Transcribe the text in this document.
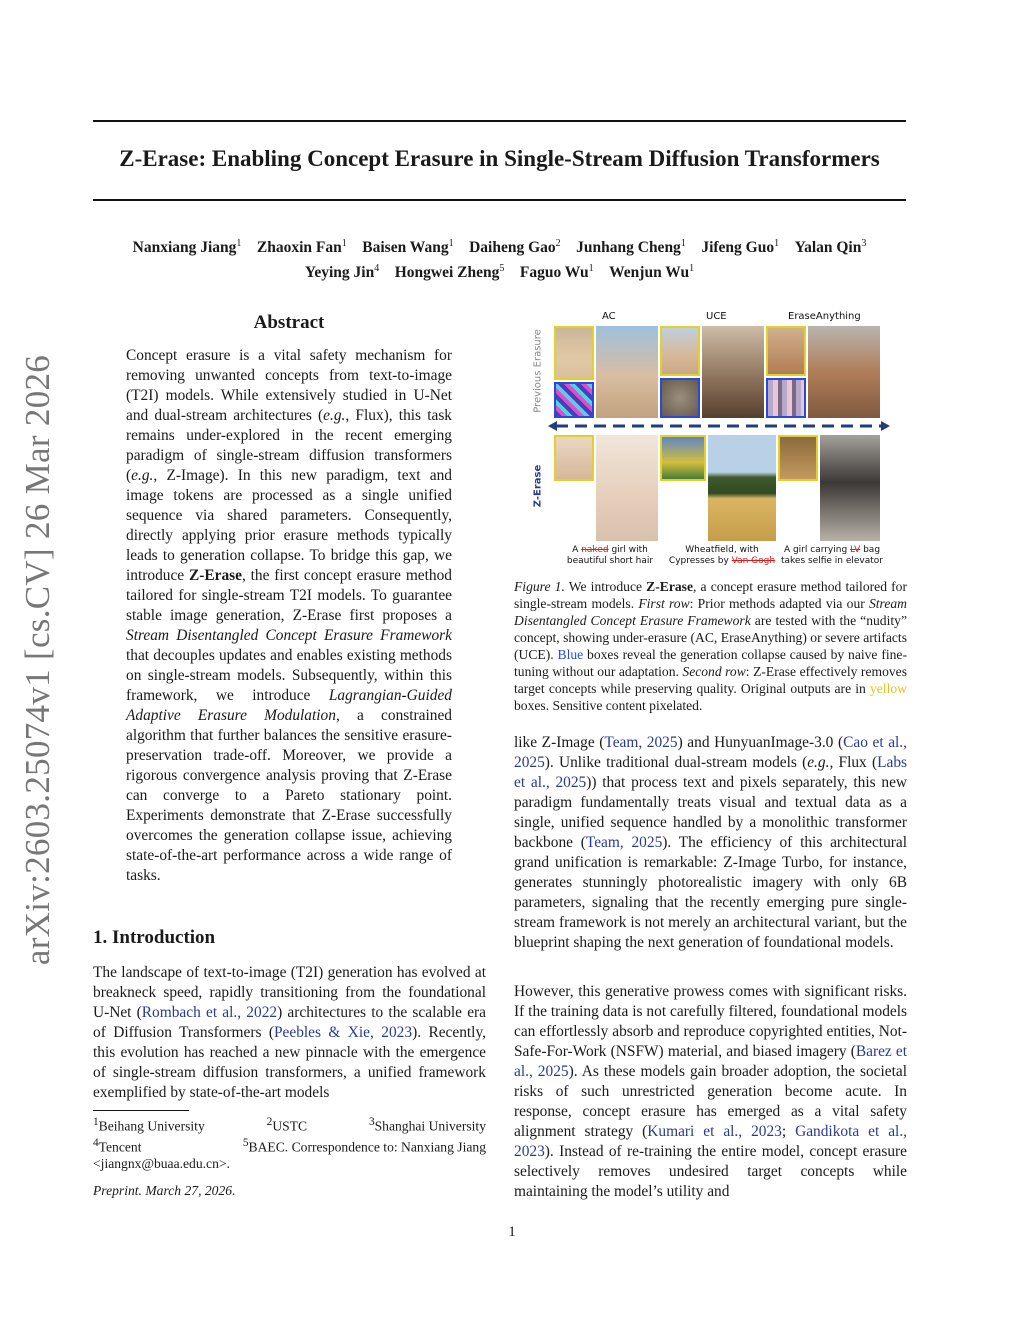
arXiv:2603.25074v1 [cs.CV] 26 Mar 2026
Z-Erase: Enabling Concept Erasure in Single-Stream Diffusion Transformers
Nanxiang Jiang$^1$  Zhaoxin Fan$^1$  Baisen Wang$^1$  Daiheng Gao$^2$  Junhang Cheng$^1$  Jifeng Guo$^1$  Yalan Qin$^3$
Yeying Jin$^4$  Hongwei Zheng$^5$  Faguo Wu$^1$  Wenjun Wu$^1$
Abstract
Concept erasure is a vital safety mechanism for removing unwanted concepts from text-to-image (T2I) models. While extensively studied in U-Net and dual-stream architectures (e.g., Flux), this task remains under-explored in the recent emerging paradigm of single-stream diffusion transformers (e.g., Z-Image). In this new paradigm, text and image tokens are processed as a single unified sequence via shared parameters. Consequently, directly applying prior erasure methods typically leads to generation collapse. To bridge this gap, we introduce Z-Erase, the first concept erasure method tailored for single-stream T2I models. To guarantee stable image generation, Z-Erase first proposes a Stream Disentangled Concept Erasure Framework that decouples updates and enables existing methods on single-stream models. Subsequently, within this framework, we introduce Lagrangian-Guided Adaptive Erasure Modulation, a constrained algorithm that further balances the sensitive erasure-preservation trade-off. Moreover, we provide a rigorous convergence analysis proving that Z-Erase can converge to a Pareto stationary point. Experiments demonstrate that Z-Erase successfully overcomes the generation collapse issue, achieving state-of-the-art performance across a wide range of tasks.
1. Introduction
The landscape of text-to-image (T2I) generation has evolved at breakneck speed, rapidly transitioning from the foundational U-Net (Rombach et al., 2022) architectures to the scalable era of Diffusion Transformers (Peebles & Xie, 2023). Recently, this evolution has reached a new pinnacle with the emergence of single-stream diffusion transformers, a unified framework exemplified by state-of-the-art models
$^1$Beihang University	$^2$USTC	$^3$Shanghai University
$^4$Tencent	$^5$BAEC. Correspondence to: Nanxiang Jiang
<jiangnx@buaa.edu.cn>.
Preprint. March 27, 2026.
1
AC	UCE	EraseAnything
Previous Erasure
Z-Erase
A naked girl with
beautiful short hair
Wheatfield, with
Cypresses by Van Gogh
A girl carrying LV bag
takes selfie in elevator
Figure 1. We introduce Z-Erase, a concept erasure method tailored for single-stream models. First row: Prior methods adapted via our Stream Disentangled Concept Erasure Framework are tested with the “nudity” concept, showing under-erasure (AC, EraseAnything) or severe artifacts (UCE). Blue boxes reveal the generation collapse caused by naive fine-tuning without our adaptation. Second row: Z-Erase effectively removes target concepts while preserving quality. Original outputs are in yellow boxes. Sensitive content pixelated.
like Z-Image (Team, 2025) and HunyuanImage-3.0 (Cao et al., 2025). Unlike traditional dual-stream models (e.g., Flux (Labs et al., 2025)) that process text and pixels separately, this new paradigm fundamentally treats visual and textual data as a single, unified sequence handled by a monolithic transformer backbone (Team, 2025). The efficiency of this architectural grand unification is remarkable: Z-Image Turbo, for instance, generates stunningly photorealistic imagery with only 6B parameters, signaling that the recently emerging pure single-stream framework is not merely an architectural variant, but the blueprint shaping the next generation of foundational models.
However, this generative prowess comes with significant risks. If the training data is not carefully filtered, foundational models can effortlessly absorb and reproduce copyrighted entities, Not-Safe-For-Work (NSFW) material, and biased imagery (Barez et al., 2025). As these models gain broader adoption, the societal risks of such unrestricted generation become acute. In response, concept erasure has emerged as a vital safety alignment strategy (Kumari et al., 2023; Gandikota et al., 2023). Instead of re-training the entire model, concept erasure selectively removes undesired target concepts while maintaining the model’s utility and
